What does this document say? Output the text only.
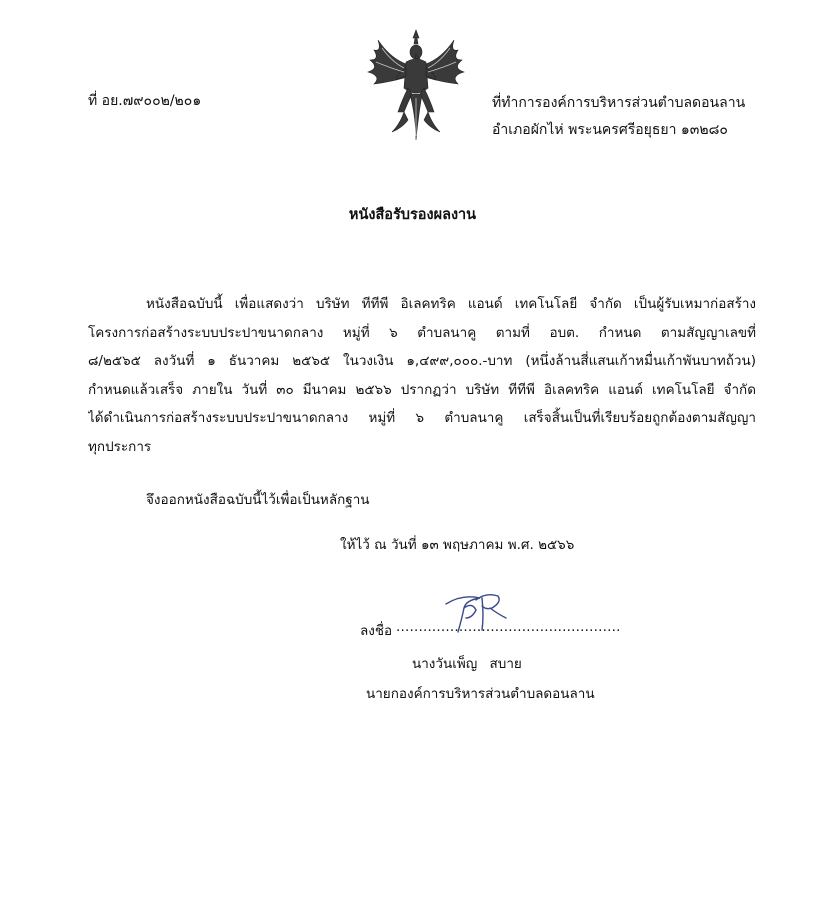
ที่ อย.๗๙๐๐๒/๒๐๑	ที่ทำการองค์การบริหารส่วนตำบลดอนลาน
อำเภอผักไห่ พระนครศรีอยุธยา ๑๓๒๘๐
หนังสือรับรองผลงาน
หนังสือฉบับนี้ เพื่อแสดงว่า บริษัท ทีทีพี อิเลคทริค แอนด์ เทคโนโลยี จำกัด เป็นผู้รับเหมาก่อสร้าง
โครงการก่อสร้างระบบประปาขนาดกลาง หมู่ที่ ๖ ตำบลนาคู ตามที่ อบต. กำหนด ตามสัญญาเลขที่
๘/๒๕๖๕ ลงวันที่ ๑ ธันวาคม ๒๕๖๕ ในวงเงิน ๑,๔๙๙,๐๐๐.-บาท (หนึ่งล้านสี่แสนเก้าหมื่นเก้าพันบาทถ้วน)
กำหนดแล้วเสร็จ ภายใน วันที่ ๓๐ มีนาคม ๒๕๖๖ ปรากฏว่า บริษัท ทีทีพี อิเลคทริค แอนด์ เทคโนโลยี จำกัด
ได้ดำเนินการก่อสร้างระบบประปาขนาดกลาง หมู่ที่ ๖ ตำบลนาคู เสร็จสิ้นเป็นที่เรียบร้อยถูกต้องตามสัญญา
ทุกประการ
จึงออกหนังสือฉบับนี้ไว้เพื่อเป็นหลักฐาน
ให้ไว้ ณ วันที่ ๑๓ พฤษภาคม พ.ศ. ๒๕๖๖
ลงชื่อ ..................................................
นางวันเพ็ญ สบาย
นายกองค์การบริหารส่วนตำบลดอนลาน
